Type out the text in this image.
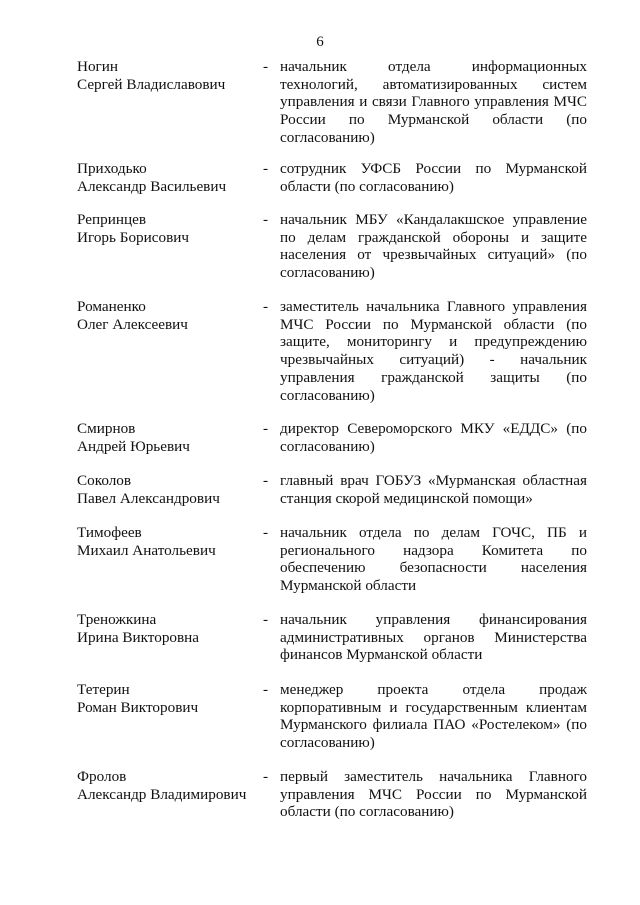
6
Ногин
Сергей Владиславович
- начальник отдела информационных технологий, автоматизированных систем управления и связи Главного управления МЧС России по Мурманской области (по согласованию)
Приходько
Александр Васильевич
- сотрудник УФСБ России по Мурманской области (по согласованию)
Репринцев
Игорь Борисович
- начальник МБУ «Кандалакшское управление по делам гражданской обороны и защите населения от чрезвычайных ситуаций» (по согласованию)
Романенко
Олег Алексеевич
- заместитель начальника Главного управления МЧС России по Мурманской области (по защите, мониторингу и предупреждению чрезвычайных ситуаций) - начальник управления гражданской защиты (по согласованию)
Смирнов
Андрей Юрьевич
- директор Североморского МКУ «ЕДДС» (по согласованию)
Соколов
Павел Александрович
- главный врач ГОБУЗ «Мурманская областная станция скорой медицинской помощи»
Тимофеев
Михаил Анатольевич
- начальник отдела по делам ГОЧС, ПБ и регионального надзора Комитета по обеспечению безопасности населения Мурманской области
Треножкина
Ирина Викторовна
- начальник управления финансирования административных органов Министерства финансов Мурманской области
Тетерин
Роман Викторович
- менеджер проекта отдела продаж корпоративным и государственным клиентам Мурманского филиала ПАО «Ростелеком» (по согласованию)
Фролов
Александр Владимирович
- первый заместитель начальника Главного управления МЧС России по Мурманской области (по согласованию)
